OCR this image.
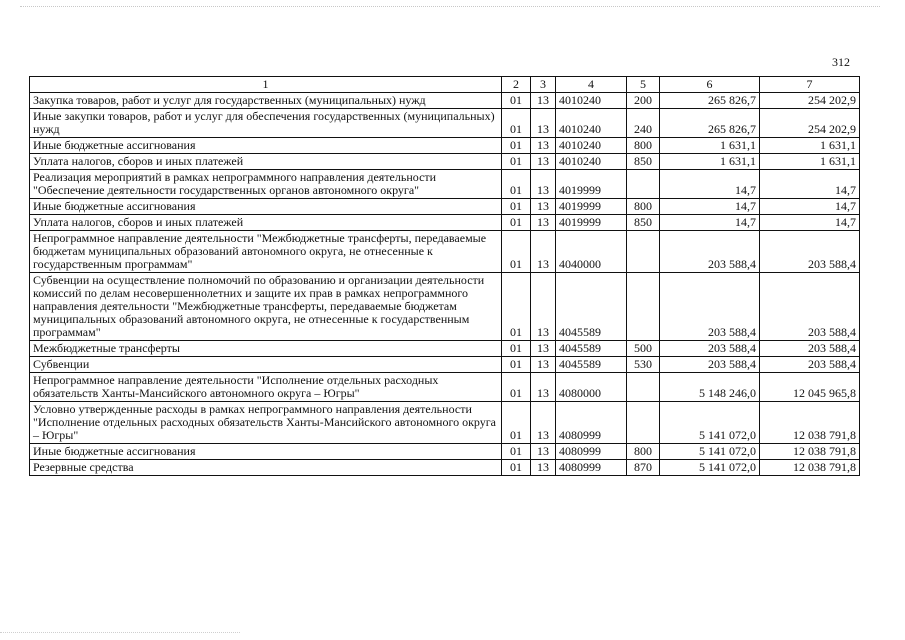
312
1	2	3	4	5	6	7
Закупка товаров, работ и услуг для государственных (муниципальных) нужд	01	13	4010240	200	265 826,7	254 202,9
Иные закупки товаров, работ и услуг для обеспечения государственных (муниципальных) нужд	01	13	4010240	240	265 826,7	254 202,9
Иные бюджетные ассигнования	01	13	4010240	800	1 631,1	1 631,1
Уплата налогов, сборов и иных платежей	01	13	4010240	850	1 631,1	1 631,1
Реализация мероприятий в рамках непрограммного направления деятельности "Обеспечение деятельности государственных органов автономного округа"	01	13	4019999		14,7	14,7
Иные бюджетные ассигнования	01	13	4019999	800	14,7	14,7
Уплата налогов, сборов и иных платежей	01	13	4019999	850	14,7	14,7
Непрограммное направление деятельности "Межбюджетные трансферты, передаваемые бюджетам муниципальных образований автономного округа, не отнесенные к государственным программам"	01	13	4040000		203 588,4	203 588,4
Субвенции на осуществление полномочий по образованию и организации деятельности комиссий по делам несовершеннолетних и защите их прав в рамках непрограммного направления деятельности "Межбюджетные трансферты, передаваемые бюджетам муниципальных образований автономного округа, не отнесенные к государственным программам"	01	13	4045589		203 588,4	203 588,4
Межбюджетные трансферты	01	13	4045589	500	203 588,4	203 588,4
Субвенции	01	13	4045589	530	203 588,4	203 588,4
Непрограммное направление деятельности "Исполнение отдельных расходных обязательств Ханты-Мансийского автономного округа – Югры"	01	13	4080000		5 148 246,0	12 045 965,8
Условно утвержденные расходы в рамках непрограммного направления деятельности "Исполнение отдельных расходных обязательств Ханты-Мансийского автономного округа – Югры"	01	13	4080999		5 141 072,0	12 038 791,8
Иные бюджетные ассигнования	01	13	4080999	800	5 141 072,0	12 038 791,8
Резервные средства	01	13	4080999	870	5 141 072,0	12 038 791,8
